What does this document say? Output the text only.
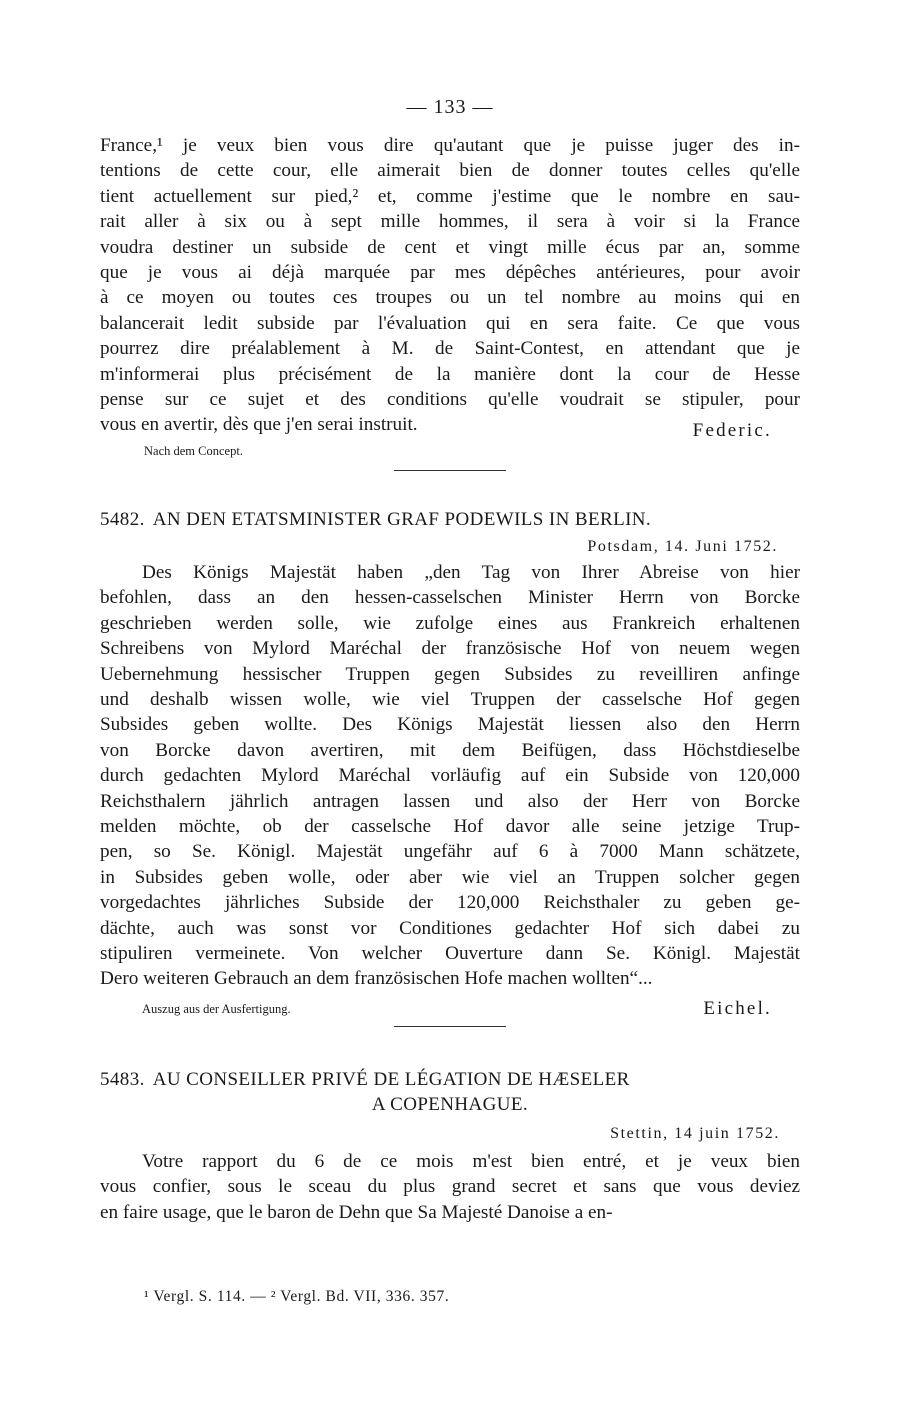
— 133 —
France,¹ je veux bien vous dire qu'autant que je puisse juger des in-
tentions de cette cour, elle aimerait bien de donner toutes celles qu'elle
tient actuellement sur pied,² et, comme j'estime que le nombre en sau-
rait aller à six ou à sept mille hommes, il sera à voir si la France
voudra destiner un subside de cent et vingt mille écus par an, somme
que je vous ai déjà marquée par mes dépêches antérieures, pour avoir
à ce moyen ou toutes ces troupes ou un tel nombre au moins qui en
balancerait ledit subside par l'évaluation qui en sera faite. Ce que vous
pourrez dire préalablement à M. de Saint-Contest, en attendant que je
m'informerai plus précisément de la manière dont la cour de Hesse
pense sur ce sujet et des conditions qu'elle voudrait se stipuler, pour
vous en avertir, dès que j'en serai instruit.
Nach dem Concept.
Federic.

5482. AN DEN ETATSMINISTER GRAF PODEWILS IN BERLIN.

Potsdam, 14. Juni 1752.

Des Königs Majestät haben „den Tag von Ihrer Abreise von hier
befohlen, dass an den hessen-casselschen Minister Herrn von Borcke
geschrieben werden solle, wie zufolge eines aus Frankreich erhaltenen
Schreibens von Mylord Maréchal der französische Hof von neuem wegen
Uebernehmung hessischer Truppen gegen Subsides zu reveilliren anfinge
und deshalb wissen wolle, wie viel Truppen der casselsche Hof gegen
Subsides geben wollte. Des Königs Majestät liessen also den Herrn
von Borcke davon avertiren, mit dem Beifügen, dass Höchstdieselbe
durch gedachten Mylord Maréchal vorläufig auf ein Subside von 120,000
Reichsthalern jährlich antragen lassen und also der Herr von Borcke
melden möchte, ob der casselsche Hof davor alle seine jetzige Trup-
pen, so Se. Königl. Majestät ungefähr auf 6 à 7000 Mann schätzete,
in Subsides geben wolle, oder aber wie viel an Truppen solcher gegen
vorgedachtes jährliches Subside der 120,000 Reichsthaler zu geben ge-
dächte, auch was sonst vor Conditiones gedachter Hof sich dabei zu
stipuliren vermeinete. Von welcher Ouverture dann Se. Königl. Majestät
Dero weiteren Gebrauch an dem französischen Hofe machen wollten“...
Auszug aus der Ausfertigung.	Eichel.

5483. AU CONSEILLER PRIVÉ DE LÉGATION DE HÆSELER

A COPENHAGUE.

Stettin, 14 juin 1752.

Votre rapport du 6 de ce mois m'est bien entré, et je veux bien
vous confier, sous le sceau du plus grand secret et sans que vous deviez
en faire usage, que le baron de Dehn que Sa Majesté Danoise a en-
¹ Vergl. S. 114. — ² Vergl. Bd. VII, 336. 357.
